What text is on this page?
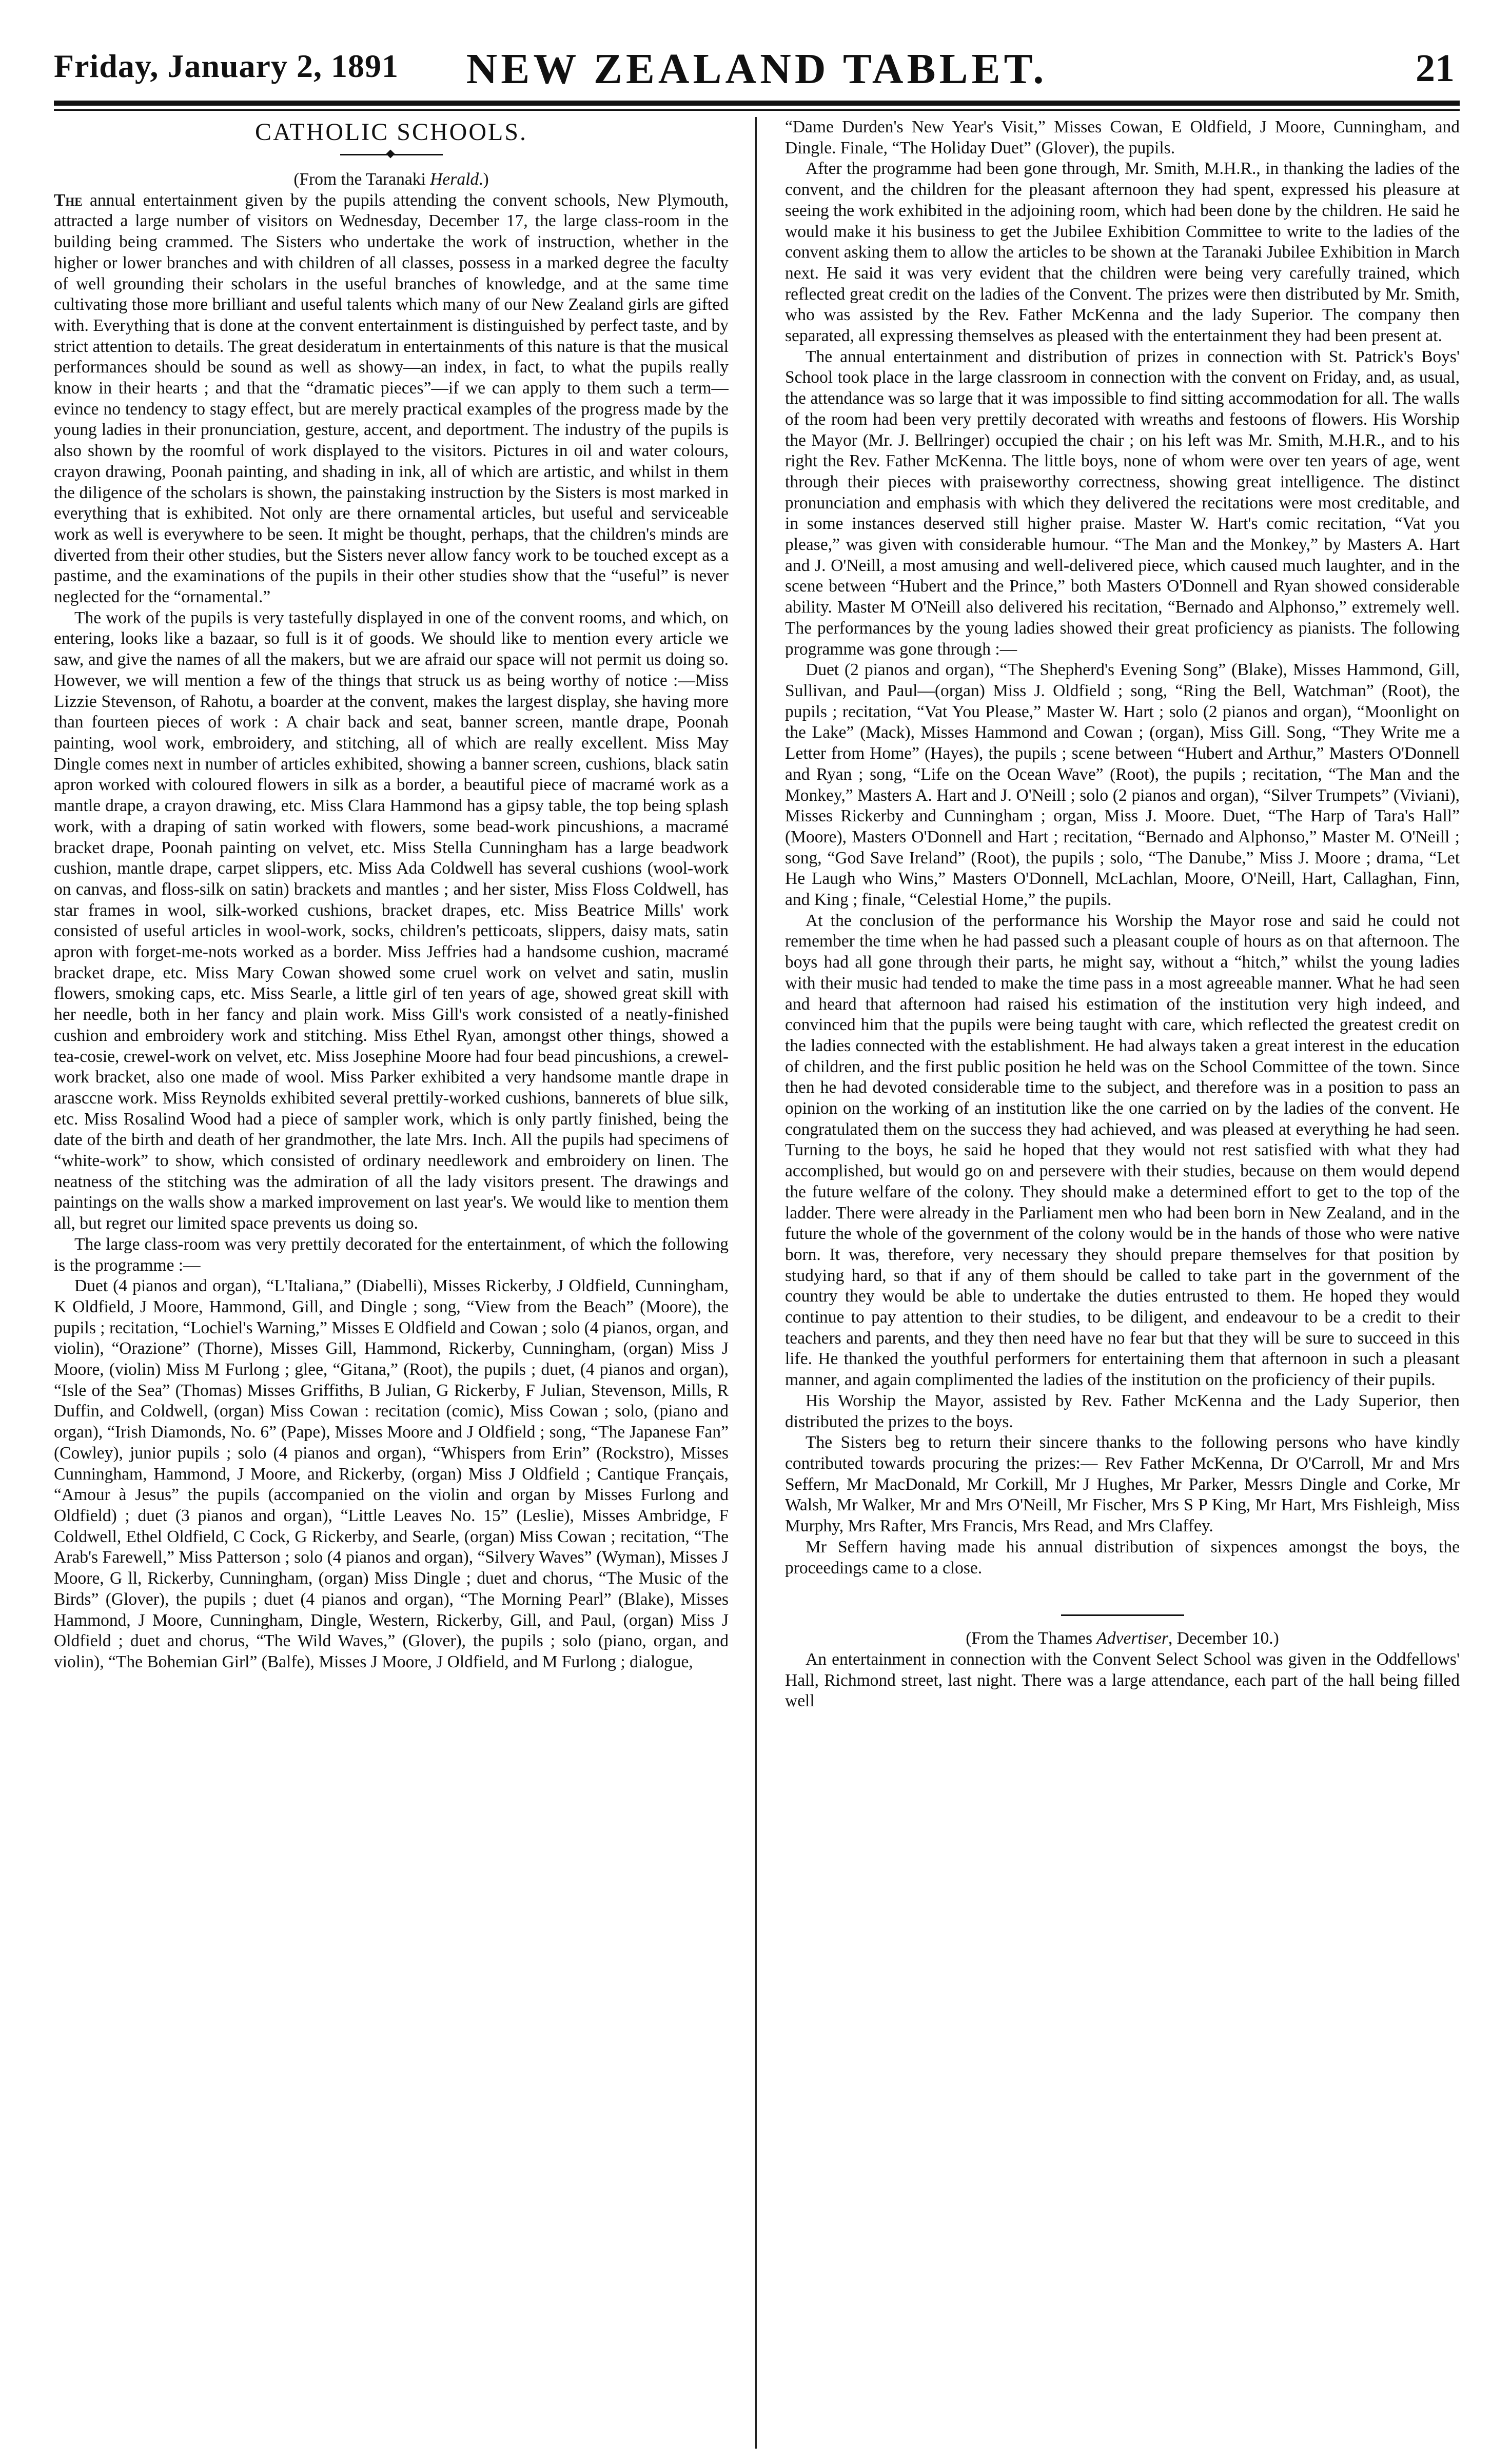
Friday, January 2, 1891	NEW ZEALAND TABLET.	21
CATHOLIC SCHOOLS.

(From the Taranaki Herald.)

The annual entertainment given by the pupils attending the convent schools, New Plymouth, attracted a large number of visitors on Wednesday, December 17, the large class-room in the building being crammed. The Sisters who undertake the work of instruction, whether in the higher or lower branches and with children of all classes, possess in a marked degree the faculty of well grounding their scholars in the useful branches of knowledge, and at the same time cultivating those more brilliant and useful talents which many of our New Zealand girls are gifted with. Everything that is done at the convent entertainment is distinguished by perfect taste, and by strict attention to details. The great desideratum in entertainments of this nature is that the musical performances should be sound as well as showy—an index, in fact, to what the pupils really know in their hearts ; and that the “dramatic pieces”—if we can apply to them such a term—evince no tendency to stagy effect, but are merely practical examples of the progress made by the young ladies in their pronunciation, gesture, accent, and deportment. The industry of the pupils is also shown by the roomful of work displayed to the visitors. Pictures in oil and water colours, crayon drawing, Poonah painting, and shading in ink, all of which are artistic, and whilst in them the diligence of the scholars is shown, the painstaking instruction by the Sisters is most marked in everything that is exhibited. Not only are there ornamental articles, but useful and serviceable work as well is everywhere to be seen. It might be thought, perhaps, that the children's minds are diverted from their other studies, but the Sisters never allow fancy work to be touched except as a pastime, and the examinations of the pupils in their other studies show that the “useful” is never neglected for the “ornamental.”

The work of the pupils is very tastefully displayed in one of the convent rooms, and which, on entering, looks like a bazaar, so full is it of goods. We should like to mention every article we saw, and give the names of all the makers, but we are afraid our space will not permit us doing so. However, we will mention a few of the things that struck us as being worthy of notice :—Miss Lizzie Stevenson, of Rahotu, a boarder at the convent, makes the largest display, she having more than fourteen pieces of work : A chair back and seat, banner screen, mantle drape, Poonah painting, wool work, embroidery, and stitching, all of which are really excellent. Miss May Dingle comes next in number of articles exhibited, showing a banner screen, cushions, black satin apron worked with coloured flowers in silk as a border, a beautiful piece of macramé work as a mantle drape, a crayon drawing, etc. Miss Clara Hammond has a gipsy table, the top being splash work, with a draping of satin worked with flowers, some bead-work pincushions, a macramé bracket drape, Poonah painting on velvet, etc. Miss Stella Cunningham has a large beadwork cushion, mantle drape, carpet slippers, etc. Miss Ada Coldwell has several cushions (wool-work on canvas, and floss-silk on satin) brackets and mantles ; and her sister, Miss Floss Coldwell, has star frames in wool, silk-worked cushions, bracket drapes, etc. Miss Beatrice Mills' work consisted of useful articles in wool-work, socks, children's petticoats, slippers, daisy mats, satin apron with forget-me-nots worked as a border. Miss Jeffries had a handsome cushion, macramé bracket drape, etc. Miss Mary Cowan showed some cruel work on velvet and satin, muslin flowers, smoking caps, etc. Miss Searle, a little girl of ten years of age, showed great skill with her needle, both in her fancy and plain work. Miss Gill's work consisted of a neatly-finished cushion and embroidery work and stitching. Miss Ethel Ryan, amongst other things, showed a tea-cosie, crewel-work on velvet, etc. Miss Josephine Moore had four bead pincushions, a crewel-work bracket, also one made of wool. Miss Parker exhibited a very handsome mantle drape in arasccne work. Miss Reynolds exhibited several prettily-worked cushions, bannerets of blue silk, etc. Miss Rosalind Wood had a piece of sampler work, which is only partly finished, being the date of the birth and death of her grandmother, the late Mrs. Inch. All the pupils had specimens of “white-work” to show, which consisted of ordinary needlework and embroidery on linen. The neatness of the stitching was the admiration of all the lady visitors present. The drawings and paintings on the walls show a marked improvement on last year's. We would like to mention them all, but regret our limited space prevents us doing so.

The large class-room was very prettily decorated for the entertainment, of which the following is the programme :—

Duet (4 pianos and organ), “L'Italiana,” (Diabelli), Misses Rickerby, J Oldfield, Cunningham, K Oldfield, J Moore, Hammond, Gill, and Dingle ; song, “View from the Beach” (Moore), the pupils ; recitation, “Lochiel's Warning,” Misses E Oldfield and Cowan ; solo (4 pianos, organ, and violin), “Orazione” (Thorne), Misses Gill, Hammond, Rickerby, Cunningham, (organ) Miss J Moore, (violin) Miss M Furlong ; glee, “Gitana,” (Root), the pupils ; duet, (4 pianos and organ), “Isle of the Sea” (Thomas) Misses Griffiths, B Julian, G Rickerby, F Julian, Stevenson, Mills, R Duffin, and Coldwell, (organ) Miss Cowan : recitation (comic), Miss Cowan ; solo, (piano and organ), “Irish Diamonds, No. 6” (Pape), Misses Moore and J Oldfield ; song, “The Japanese Fan” (Cowley), junior pupils ; solo (4 pianos and organ), “Whispers from Erin” (Rockstro), Misses Cunningham, Hammond, J Moore, and Rickerby, (organ) Miss J Oldfield ; Cantique Français, “Amour à Jesus” the pupils (accompanied on the violin and organ by Misses Furlong and Oldfield) ; duet (3 pianos and organ), “Little Leaves No. 15” (Leslie), Misses Ambridge, F Coldwell, Ethel Oldfield, C Cock, G Rickerby, and Searle, (organ) Miss Cowan ; recitation, “The Arab's Farewell,” Miss Patterson ; solo (4 pianos and organ), “Silvery Waves” (Wyman), Misses J Moore, G ll, Rickerby, Cunningham, (organ) Miss Dingle ; duet and chorus, “The Music of the Birds” (Glover), the pupils ; duet (4 pianos and organ), “The Morning Pearl” (Blake), Misses Hammond, J Moore, Cunningham, Dingle, Western, Rickerby, Gill, and Paul, (organ) Miss J Oldfield ; duet and chorus, “The Wild Waves,” (Glover), the pupils ; solo (piano, organ, and violin), “The Bohemian Girl” (Balfe), Misses J Moore, J Oldfield, and M Furlong ; dialogue,

“Dame Durden's New Year's Visit,” Misses Cowan, E Oldfield, J Moore, Cunningham, and Dingle. Finale, “The Holiday Duet” (Glover), the pupils.

After the programme had been gone through, Mr. Smith, M.H.R., in thanking the ladies of the convent, and the children for the pleasant afternoon they had spent, expressed his pleasure at seeing the work exhibited in the adjoining room, which had been done by the children. He said he would make it his business to get the Jubilee Exhibition Committee to write to the ladies of the convent asking them to allow the articles to be shown at the Taranaki Jubilee Exhibition in March next. He said it was very evident that the children were being very carefully trained, which reflected great credit on the ladies of the Convent. The prizes were then distributed by Mr. Smith, who was assisted by the Rev. Father McKenna and the lady Superior. The company then separated, all expressing themselves as pleased with the entertainment they had been present at.

The annual entertainment and distribution of prizes in connection with St. Patrick's Boys' School took place in the large classroom in connection with the convent on Friday, and, as usual, the attendance was so large that it was impossible to find sitting accommodation for all. The walls of the room had been very prettily decorated with wreaths and festoons of flowers. His Worship the Mayor (Mr. J. Bellringer) occupied the chair ; on his left was Mr. Smith, M.H.R., and to his right the Rev. Father McKenna. The little boys, none of whom were over ten years of age, went through their pieces with praiseworthy correctness, showing great intelligence. The distinct pronunciation and emphasis with which they delivered the recitations were most creditable, and in some instances deserved still higher praise. Master W. Hart's comic recitation, “Vat you please,” was given with considerable humour. “The Man and the Monkey,” by Masters A. Hart and J. O'Neill, a most amusing and well-delivered piece, which caused much laughter, and in the scene between “Hubert and the Prince,” both Masters O'Donnell and Ryan showed considerable ability. Master M O'Neill also delivered his recitation, “Bernado and Alphonso,” extremely well. The performances by the young ladies showed their great proficiency as pianists. The following programme was gone through :—

Duet (2 pianos and organ), “The Shepherd's Evening Song” (Blake), Misses Hammond, Gill, Sullivan, and Paul—(organ) Miss J. Oldfield ; song, “Ring the Bell, Watchman” (Root), the pupils ; recitation, “Vat You Please,” Master W. Hart ; solo (2 pianos and organ), “Moonlight on the Lake” (Mack), Misses Hammond and Cowan ; (organ), Miss Gill. Song, “They Write me a Letter from Home” (Hayes), the pupils ; scene between “Hubert and Arthur,” Masters O'Donnell and Ryan ; song, “Life on the Ocean Wave” (Root), the pupils ; recitation, “The Man and the Monkey,” Masters A. Hart and J. O'Neill ; solo (2 pianos and organ), “Silver Trumpets” (Viviani), Misses Rickerby and Cunningham ; organ, Miss J. Moore. Duet, “The Harp of Tara's Hall” (Moore), Masters O'Donnell and Hart ; recitation, “Bernado and Alphonso,” Master M. O'Neill ; song, “God Save Ireland” (Root), the pupils ; solo, “The Danube,” Miss J. Moore ; drama, “Let He Laugh who Wins,” Masters O'Donnell, McLachlan, Moore, O'Neill, Hart, Callaghan, Finn, and King ; finale, “Celestial Home,” the pupils.

At the conclusion of the performance his Worship the Mayor rose and said he could not remember the time when he had passed such a pleasant couple of hours as on that afternoon. The boys had all gone through their parts, he might say, without a “hitch,” whilst the young ladies with their music had tended to make the time pass in a most agreeable manner. What he had seen and heard that afternoon had raised his estimation of the institution very high indeed, and convinced him that the pupils were being taught with care, which reflected the greatest credit on the ladies connected with the establishment. He had always taken a great interest in the education of children, and the first public position he held was on the School Committee of the town. Since then he had devoted considerable time to the subject, and therefore was in a position to pass an opinion on the working of an institution like the one carried on by the ladies of the convent. He congratulated them on the success they had achieved, and was pleased at everything he had seen. Turning to the boys, he said he hoped that they would not rest satisfied with what they had accomplished, but would go on and persevere with their studies, because on them would depend the future welfare of the colony. They should make a determined effort to get to the top of the ladder. There were already in the Parliament men who had been born in New Zealand, and in the future the whole of the government of the colony would be in the hands of those who were native born. It was, therefore, very necessary they should prepare themselves for that position by studying hard, so that if any of them should be called to take part in the government of the country they would be able to undertake the duties entrusted to them. He hoped they would continue to pay attention to their studies, to be diligent, and endeavour to be a credit to their teachers and parents, and they then need have no fear but that they will be sure to succeed in this life. He thanked the youthful performers for entertaining them that afternoon in such a pleasant manner, and again complimented the ladies of the institution on the proficiency of their pupils.

His Worship the Mayor, assisted by Rev. Father McKenna and the Lady Superior, then distributed the prizes to the boys.

The Sisters beg to return their sincere thanks to the following persons who have kindly contributed towards procuring the prizes:— Rev Father McKenna, Dr O'Carroll, Mr and Mrs Seffern, Mr MacDonald, Mr Corkill, Mr J Hughes, Mr Parker, Messrs Dingle and Corke, Mr Walsh, Mr Walker, Mr and Mrs O'Neill, Mr Fischer, Mrs S P King, Mr Hart, Mrs Fishleigh, Miss Murphy, Mrs Rafter, Mrs Francis, Mrs Read, and Mrs Claffey.

Mr Seffern having made his annual distribution of sixpences amongst the boys, the proceedings came to a close.

(From the Thames Advertiser, December 10.)

An entertainment in connection with the Convent Select School was given in the Oddfellows' Hall, Richmond street, last night. There was a large attendance, each part of the hall being filled well
